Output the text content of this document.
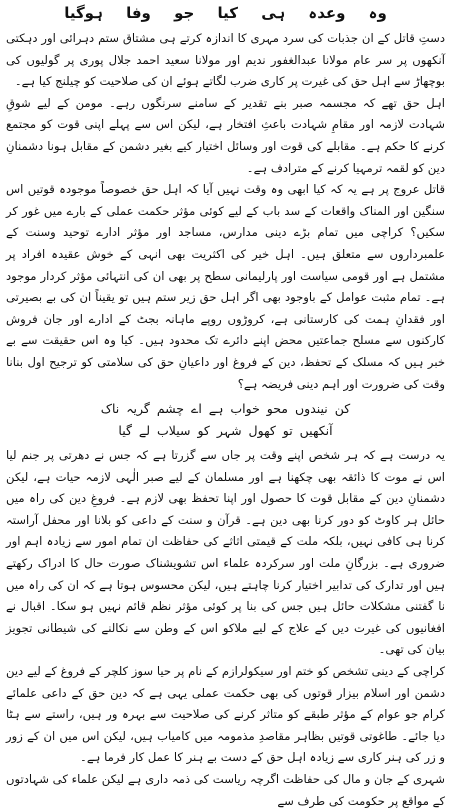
وہ وعدہ ہی کیا جو وفا ہوگیا

دستِ قاتل کے ان جذبات کی سرد مہری کا اندازہ کرتے ہی مشتاق ستم دہرائی اور دہکتی آنکھوں پر سر عام مولانا عبدالغفور ندیم اور مولانا سعید احمد جلال پوری پر گولیوں کی بوچھاڑ سے اہل حق کی غیرت پر کاری ضرب لگاتے ہوئے ان کی صلاحیت کو چیلنج کیا ہے۔

اہل حق تھے کہ مجسمہ صبر بنے تقدیر کے سامنے سرنگوں رہے۔ مومن کے لیے شوقِ شہادت لازمہ اور مقامِ شہادت باعثِ افتخار ہے، لیکن اس سے پہلے اپنی قوت کو مجتمع کرنے کا حکم ہے۔ مقابلے کی قوت اور وسائل اختیار کیے بغیر دشمن کے مقابل ہونا دشمنانِ دین کو لقمہ ترمہیا کرنے کے مترادف ہے۔

قاتل عروج پر ہے یہ کہ کیا ابھی وہ وقت نہیں آیا کہ اہل حق خصوصاً موجودہ قوتیں اس سنگین اور المناک واقعات کے سد باب کے لیے کوئی مؤثر حکمت عملی کے بارے میں غور کر سکیں؟ کراچی میں تمام بڑے دینی مدارس، مساجد اور مؤثر ادارے توحید وسنت کے علمبرداروں سے متعلق ہیں۔ اہل خیر کی اکثریت بھی انہی کے خوش عقیدہ افراد پر مشتمل ہے اور قومی سیاست اور پارلیمانی سطح پر بھی ان کی انتہائی مؤثر کردار موجود ہے۔ تمام مثبت عوامل کے باوجود بھی اگر اہل حق زیر ستم ہیں تو یقیناً ان کی بے بصیرتی اور فقدانِ ہمت کی کارستانی ہے، کروڑوں روپے ماہانہ بجٹ کے ادارے اور جان فروش کارکنوں سے مسلح جماعتیں محض اپنے دائرے تک محدود ہیں۔ کیا وہ اس حقیقت سے بے خبر ہیں کہ مسلک کے تحفظ، دین کے فروغ اور داعیانِ حق کی سلامتی کو ترجیح اول بنانا وقت کی ضرورت اور اہم دینی فریضہ ہے؟

کن نیندوں محو خواب ہے اے چشم گریہ ناک

آنکھیں تو کھول شہر کو سیلاب لے گیا

یہ درست ہے کہ ہر شخص اپنے وقت پر جاں سے گزرتا ہے کہ جس نے دھرتی پر جنم لیا اس نے موت کا ذائقہ بھی چکھنا ہے اور مسلمان کے لیے صبر الٰہی لازمہ حیات ہے، لیکن دشمنانِ دین کے مقابل قوت کا حصول اور اپنا تحفظ بھی لازم ہے۔ فروغِ دین کی راہ میں حائل ہر کاوٹ کو دور کرنا بھی دین ہے۔ قرآن و سنت کے داعی کو بلانا اور محفل آراستہ کرنا ہی کافی نہیں، بلکہ ملت کے قیمتی اثاثے کی حفاظت ان تمام امور سے زیادہ اہم اور ضروری ہے۔ بزرگانِ ملت اور سرکردہ علماء اس تشویشناک صورت حال کا ادراک رکھتے ہیں اور تدارک کی تدابیر اختیار کرنا چاہتے ہیں، لیکن محسوس ہوتا ہے کہ ان کی راہ میں نا گفتنی مشکلات حائل ہیں جس کی بنا پر کوئی مؤثر نظم قائم نہیں ہو سکا۔ اقبال نے افغانیوں کی غیرت دیں کے علاج کے لیے ملاکو اس کے وطن سے نکالنے کی شیطانی تجویز بیان کی تھی۔

کراچی کے دینی تشخص کو ختم اور سیکولرازم کے نام پر حیا سوز کلچر کے فروغ کے لیے دین دشمن اور اسلام بیزار قوتوں کی بھی حکمت عملی یہی ہے کہ دین حق کے داعی علمائے کرام جو عوام کے مؤثر طبقے کو متاثر کرنے کی صلاحیت سے بہرہ ور ہیں، راستے سے ہٹا دیا جائے۔ طاغوتی قوتیں بظاہر مقاصدِ مذمومہ میں کامیاب ہیں، لیکن اس میں ان کے زور و زر کی ہنر کاری سے زیادہ اہل حق کے دست بے ہنر کا عمل کار فرما ہے۔

شہری کے جان و مال کی حفاظت اگرچہ ریاست کی ذمہ داری ہے لیکن علماء کی شہادتوں کے مواقع پر حکومت کی طرف سے
